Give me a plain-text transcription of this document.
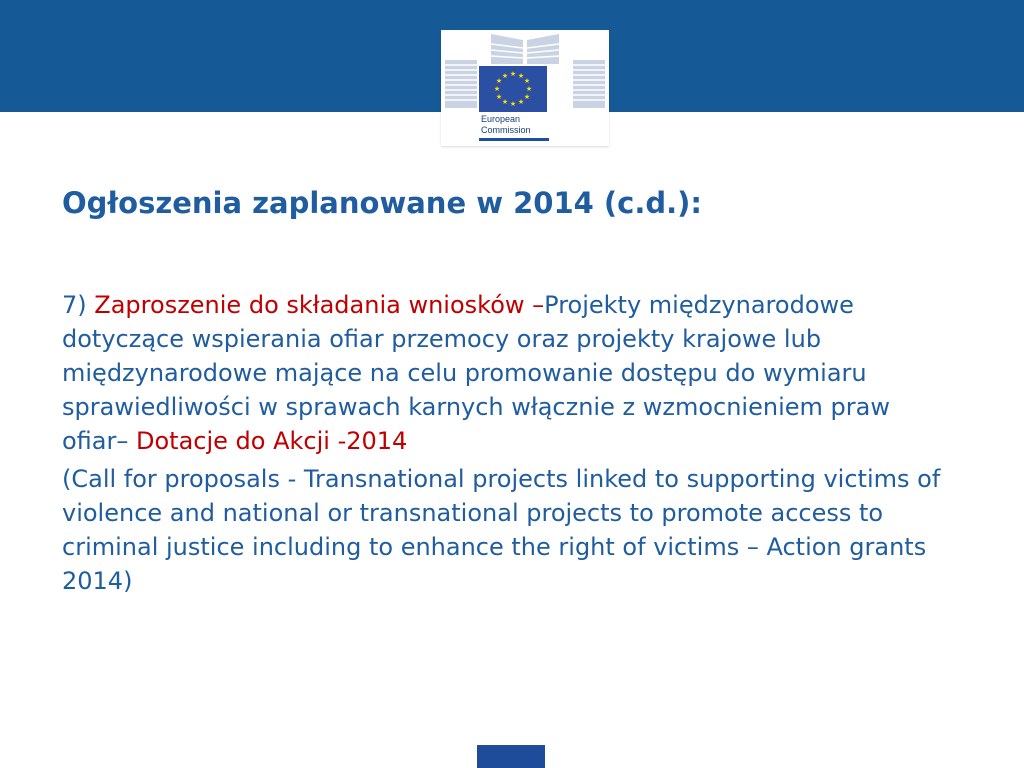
★ ★
★
★
★
★
★
★
★
★
★
★
European
Commission
Ogłoszenia zaplanowane w 2014 (c.d.):

7) Zaproszenie do składania wniosków –Projekty międzynarodowe dotyczące wspierania ofiar przemocy oraz projekty krajowe lub międzynarodowe mające na celu promowanie dostępu do wymiaru sprawiedliwości w sprawach karnych włącznie z wzmocnieniem praw ofiar– Dotacje do Akcji -2014

(Call for proposals - Transnational projects linked to supporting victims of violence and national or transnational projects to promote access to criminal justice including to enhance the right of victims – Action grants 2014)
